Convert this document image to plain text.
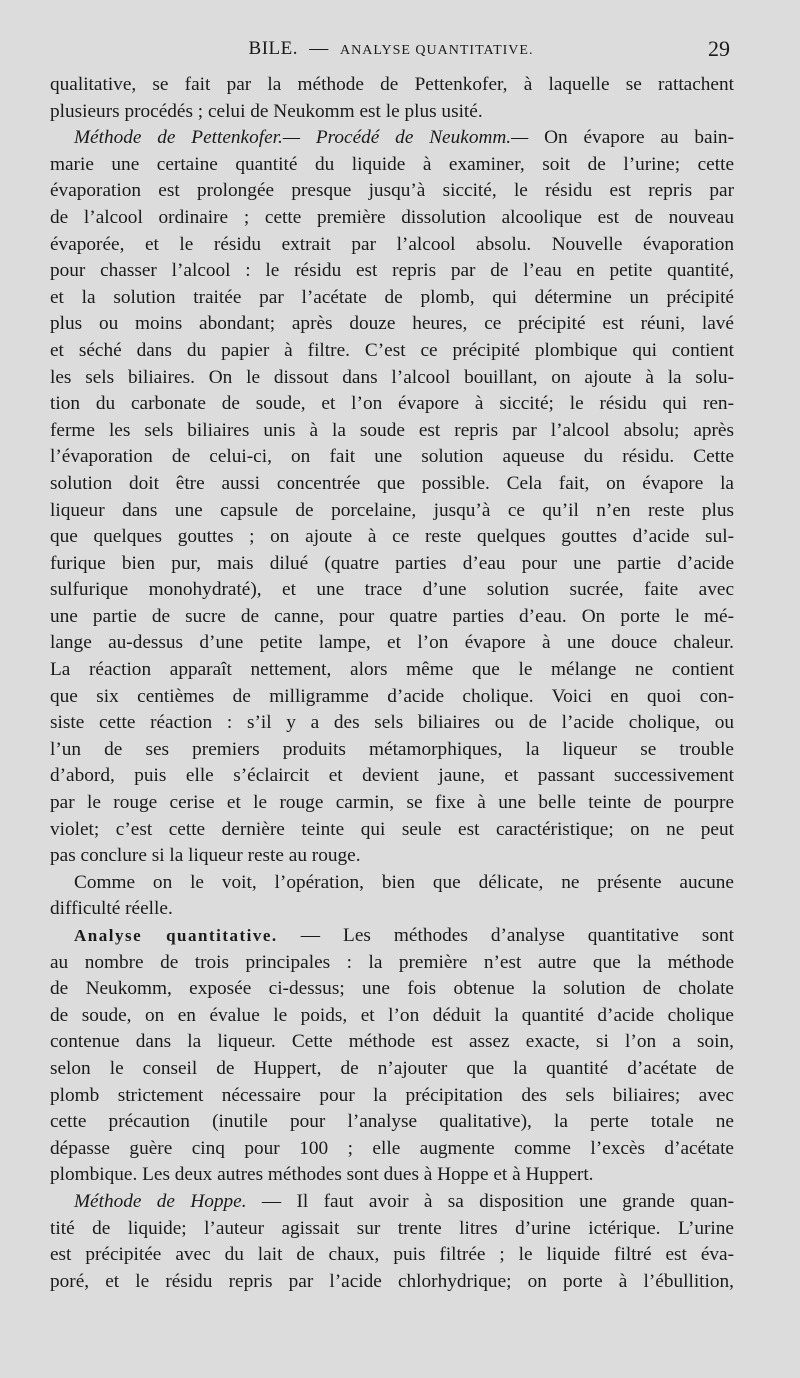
BILE. — ANALYSE QUANTITATIVE.	29
qualitative, se fait par la méthode de Pettenkofer, à laquelle se rattachent
plusieurs procédés ; celui de Neukomm est le plus usité.
Méthode de Pettenkofer.— Procédé de Neukomm.— On évapore au bain-
marie une certaine quantité du liquide à examiner, soit de l’urine; cette
évaporation est prolongée presque jusqu’à siccité, le résidu est repris par
de l’alcool ordinaire ; cette première dissolution alcoolique est de nouveau
évaporée, et le résidu extrait par l’alcool absolu. Nouvelle évaporation
pour chasser l’alcool : le résidu est repris par de l’eau en petite quantité,
et la solution traitée par l’acétate de plomb, qui détermine un précipité
plus ou moins abondant; après douze heures, ce précipité est réuni, lavé
et séché dans du papier à filtre. C’est ce précipité plombique qui contient
les sels biliaires. On le dissout dans l’alcool bouillant, on ajoute à la solu-
tion du carbonate de soude, et l’on évapore à siccité; le résidu qui ren-
ferme les sels biliaires unis à la soude est repris par l’alcool absolu; après
l’évaporation de celui-ci, on fait une solution aqueuse du résidu. Cette
solution doit être aussi concentrée que possible. Cela fait, on évapore la
liqueur dans une capsule de porcelaine, jusqu’à ce qu’il n’en reste plus
que quelques gouttes ; on ajoute à ce reste quelques gouttes d’acide sul-
furique bien pur, mais dilué (quatre parties d’eau pour une partie d’acide
sulfurique monohydraté), et une trace d’une solution sucrée, faite avec
une partie de sucre de canne, pour quatre parties d’eau. On porte le mé-
lange au-dessus d’une petite lampe, et l’on évapore à une douce chaleur.
La réaction apparaît nettement, alors même que le mélange ne contient
que six centièmes de milligramme d’acide cholique. Voici en quoi con-
siste cette réaction : s’il y a des sels biliaires ou de l’acide cholique, ou
l’un de ses premiers produits métamorphiques, la liqueur se trouble
d’abord, puis elle s’éclaircit et devient jaune, et passant successivement
par le rouge cerise et le rouge carmin, se fixe à une belle teinte de pourpre
violet; c’est cette dernière teinte qui seule est caractéristique; on ne peut
pas conclure si la liqueur reste au rouge.
Comme on le voit, l’opération, bien que délicate, ne présente aucune
difficulté réelle.
Analyse quantitative. — Les méthodes d’analyse quantitative sont
au nombre de trois principales : la première n’est autre que la méthode
de Neukomm, exposée ci-dessus; une fois obtenue la solution de cholate
de soude, on en évalue le poids, et l’on déduit la quantité d’acide cholique
contenue dans la liqueur. Cette méthode est assez exacte, si l’on a soin,
selon le conseil de Huppert, de n’ajouter que la quantité d’acétate de
plomb strictement nécessaire pour la précipitation des sels biliaires; avec
cette précaution (inutile pour l’analyse qualitative), la perte totale ne
dépasse guère cinq pour 100 ; elle augmente comme l’excès d’acétate
plombique. Les deux autres méthodes sont dues à Hoppe et à Huppert.
Méthode de Hoppe. — Il faut avoir à sa disposition une grande quan-
tité de liquide; l’auteur agissait sur trente litres d’urine ictérique. L’urine
est précipitée avec du lait de chaux, puis filtrée ; le liquide filtré est éva-
poré, et le résidu repris par l’acide chlorhydrique; on porte à l’ébullition,
